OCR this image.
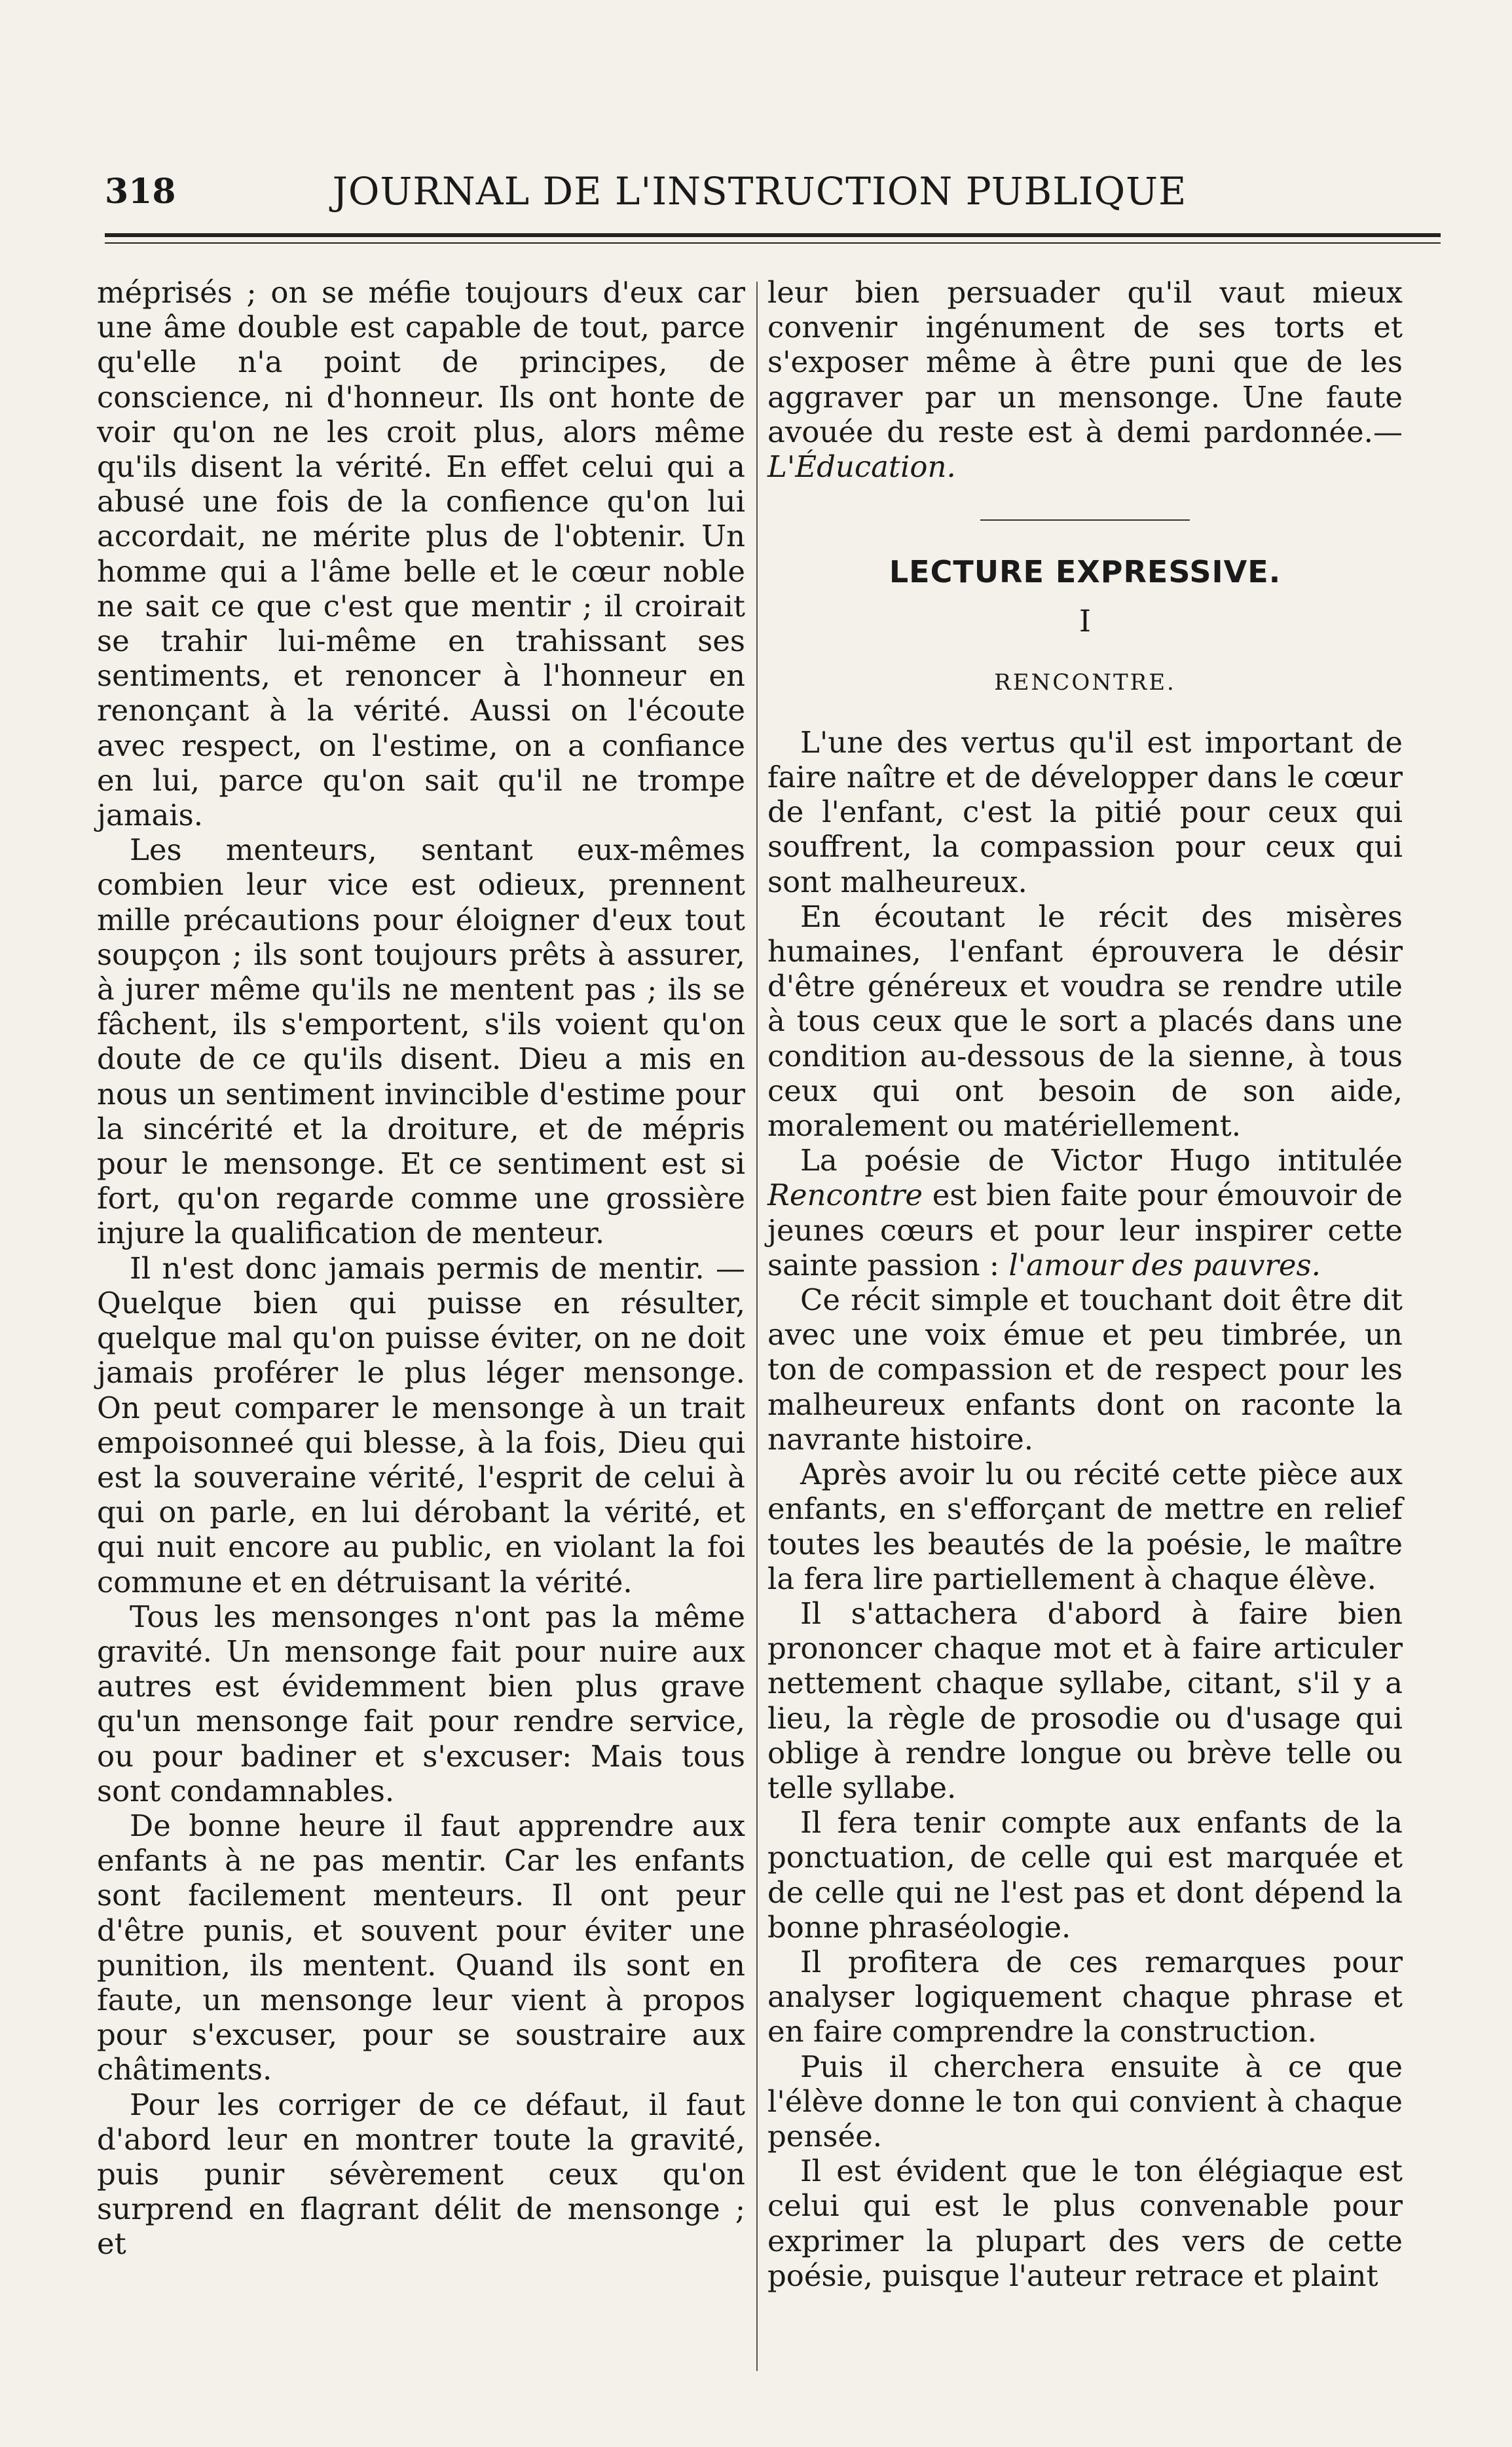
318	JOURNAL DE L'INSTRUCTION PUBLIQUE

méprisés ; on se méfie toujours d'eux car une âme double est capable de tout, parce qu'elle n'a point de principes, de conscience, ni d'honneur. Ils ont honte de voir qu'on ne les croit plus, alors même qu'ils disent la vérité. En effet celui qui a abusé une fois de la confience qu'on lui accordait, ne mérite plus de l'obtenir. Un homme qui a l'âme belle et le cœur noble ne sait ce que c'est que mentir ; il croirait se trahir lui-même en trahissant ses sentiments, et renoncer à l'honneur en renonçant à la vérité. Aussi on l'écoute avec respect, on l'estime, on a confiance en lui, parce qu'on sait qu'il ne trompe jamais.

Les menteurs, sentant eux-mêmes combien leur vice est odieux, prennent mille précautions pour éloigner d'eux tout soupçon ; ils sont toujours prêts à assurer, à jurer même qu'ils ne mentent pas ; ils se fâchent, ils s'emportent, s'ils voient qu'on doute de ce qu'ils disent. Dieu a mis en nous un sentiment invincible d'estime pour la sincérité et la droiture, et de mépris pour le mensonge. Et ce sentiment est si fort, qu'on regarde comme une grossière injure la qualification de menteur.

Il n'est donc jamais permis de mentir. — Quelque bien qui puisse en résulter, quelque mal qu'on puisse éviter, on ne doit jamais proférer le plus léger mensonge. On peut comparer le mensonge à un trait empoisonneé qui blesse, à la fois, Dieu qui est la souveraine vérité, l'esprit de celui à qui on parle, en lui dérobant la vérité, et qui nuit encore au public, en violant la foi commune et en détruisant la vérité.

Tous les mensonges n'ont pas la même gravité. Un mensonge fait pour nuire aux autres est évidemment bien plus grave qu'un mensonge fait pour rendre service, ou pour badiner et s'excuser: Mais tous sont condamnables.

De bonne heure il faut apprendre aux enfants à ne pas mentir. Car les enfants sont facilement menteurs. Il ont peur d'être punis, et souvent pour éviter une punition, ils mentent. Quand ils sont en faute, un mensonge leur vient à propos pour s'excuser, pour se soustraire aux châtiments.

Pour les corriger de ce défaut, il faut d'abord leur en montrer toute la gravité, puis punir sévèrement ceux qu'on surprend en flagrant délit de mensonge ; et

leur bien persuader qu'il vaut mieux convenir ingénument de ses torts et s'exposer même à être puni que de les aggraver par un mensonge. Une faute avouée du reste est à demi pardonnée.—L'Éducation.

LECTURE EXPRESSIVE.
I
RENCONTRE.

L'une des vertus qu'il est important de faire naître et de développer dans le cœur de l'enfant, c'est la pitié pour ceux qui souffrent, la compassion pour ceux qui sont malheureux.

En écoutant le récit des misères humaines, l'enfant éprouvera le désir d'être généreux et voudra se rendre utile à tous ceux que le sort a placés dans une condition au-dessous de la sienne, à tous ceux qui ont besoin de son aide, moralement ou matériellement.

La poésie de Victor Hugo intitulée Rencontre est bien faite pour émouvoir de jeunes cœurs et pour leur inspirer cette sainte passion : l'amour des pauvres.

Ce récit simple et touchant doit être dit avec une voix émue et peu timbrée, un ton de compassion et de respect pour les malheureux enfants dont on raconte la navrante histoire.

Après avoir lu ou récité cette pièce aux enfants, en s'efforçant de mettre en relief toutes les beautés de la poésie, le maître la fera lire partiellement à chaque élève.

Il s'attachera d'abord à faire bien prononcer chaque mot et à faire articuler nettement chaque syllabe, citant, s'il y a lieu, la règle de prosodie ou d'usage qui oblige à rendre longue ou brève telle ou telle syllabe.

Il fera tenir compte aux enfants de la ponctuation, de celle qui est marquée et de celle qui ne l'est pas et dont dépend la bonne phraséologie.

Il profitera de ces remarques pour analyser logiquement chaque phrase et en faire comprendre la construction.

Puis il cherchera ensuite à ce que l'élève donne le ton qui convient à chaque pensée.

Il est évident que le ton élégiaque est celui qui est le plus convenable pour exprimer la plupart des vers de cette poésie, puisque l'auteur retrace et plaint
